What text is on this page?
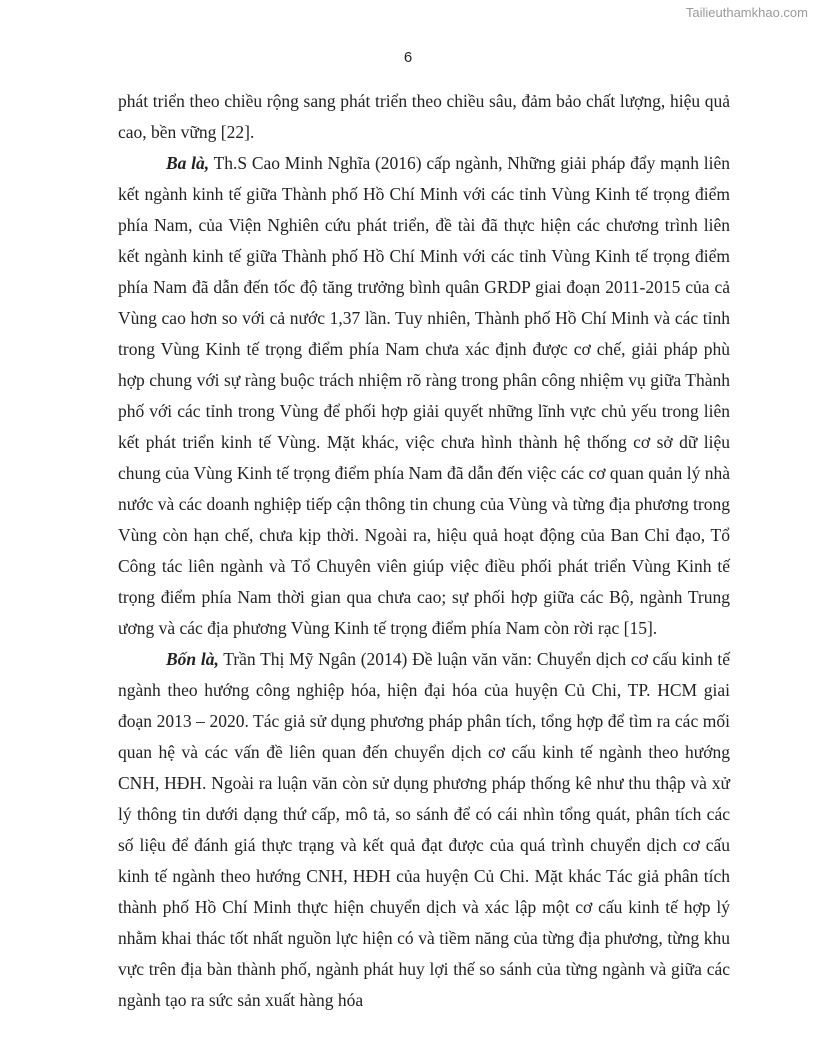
Tailieuthamkhao.com
6

phát triển theo chiều rộng sang phát triển theo chiều sâu, đảm bảo chất lượng, hiệu quả cao, bền vững [22].

Ba là, Th.S Cao Minh Nghĩa (2016) cấp ngành, Những giải pháp đẩy mạnh liên kết ngành kinh tế giữa Thành phố Hồ Chí Minh với các tỉnh Vùng Kinh tế trọng điểm phía Nam, của Viện Nghiên cứu phát triển, đề tài đã thực hiện các chương trình liên kết ngành kinh tế giữa Thành phố Hồ Chí Minh với các tỉnh Vùng Kinh tế trọng điểm phía Nam đã dẫn đến tốc độ tăng trưởng bình quân GRDP giai đoạn 2011-2015 của cả Vùng cao hơn so với cả nước 1,37 lần. Tuy nhiên, Thành phố Hồ Chí Minh và các tỉnh trong Vùng Kinh tế trọng điểm phía Nam chưa xác định được cơ chế, giải pháp phù hợp chung với sự ràng buộc trách nhiệm rõ ràng trong phân công nhiệm vụ giữa Thành phố với các tỉnh trong Vùng để phối hợp giải quyết những lĩnh vực chủ yếu trong liên kết phát triển kinh tế Vùng. Mặt khác, việc chưa hình thành hệ thống cơ sở dữ liệu chung của Vùng Kinh tế trọng điểm phía Nam đã dẫn đến việc các cơ quan quản lý nhà nước và các doanh nghiệp tiếp cận thông tin chung của Vùng và từng địa phương trong Vùng còn hạn chế, chưa kịp thời. Ngoài ra, hiệu quả hoạt động của Ban Chỉ đạo, Tổ Công tác liên ngành và Tổ Chuyên viên giúp việc điều phối phát triển Vùng Kinh tế trọng điểm phía Nam thời gian qua chưa cao; sự phối hợp giữa các Bộ, ngành Trung ương và các địa phương Vùng Kinh tế trọng điểm phía Nam còn rời rạc [15].

Bốn là, Trần Thị Mỹ Ngân (2014) Đề luận văn văn: Chuyển dịch cơ cấu kinh tế ngành theo hướng công nghiệp hóa, hiện đại hóa của huyện Củ Chi, TP. HCM giai đoạn 2013 – 2020. Tác giả sử dụng phương pháp phân tích, tổng hợp để tìm ra các mối quan hệ và các vấn đề liên quan đến chuyển dịch cơ cấu kinh tế ngành theo hướng CNH, HĐH. Ngoài ra luận văn còn sử dụng phương pháp thống kê như thu thập và xử lý thông tin dưới dạng thứ cấp, mô tả, so sánh để có cái nhìn tổng quát, phân tích các số liệu để đánh giá thực trạng và kết quả đạt được của quá trình chuyển dịch cơ cấu kinh tế ngành theo hướng CNH, HĐH của huyện Củ Chi. Mặt khác Tác giả phân tích thành phố Hồ Chí Minh thực hiện chuyển dịch và xác lập một cơ cấu kinh tế hợp lý nhằm khai thác tốt nhất nguồn lực hiện có và tiềm năng của từng địa phương, từng khu vực trên địa bàn thành phố, ngành phát huy lợi thế so sánh của từng ngành và giữa các ngành tạo ra sức sản xuất hàng hóa
